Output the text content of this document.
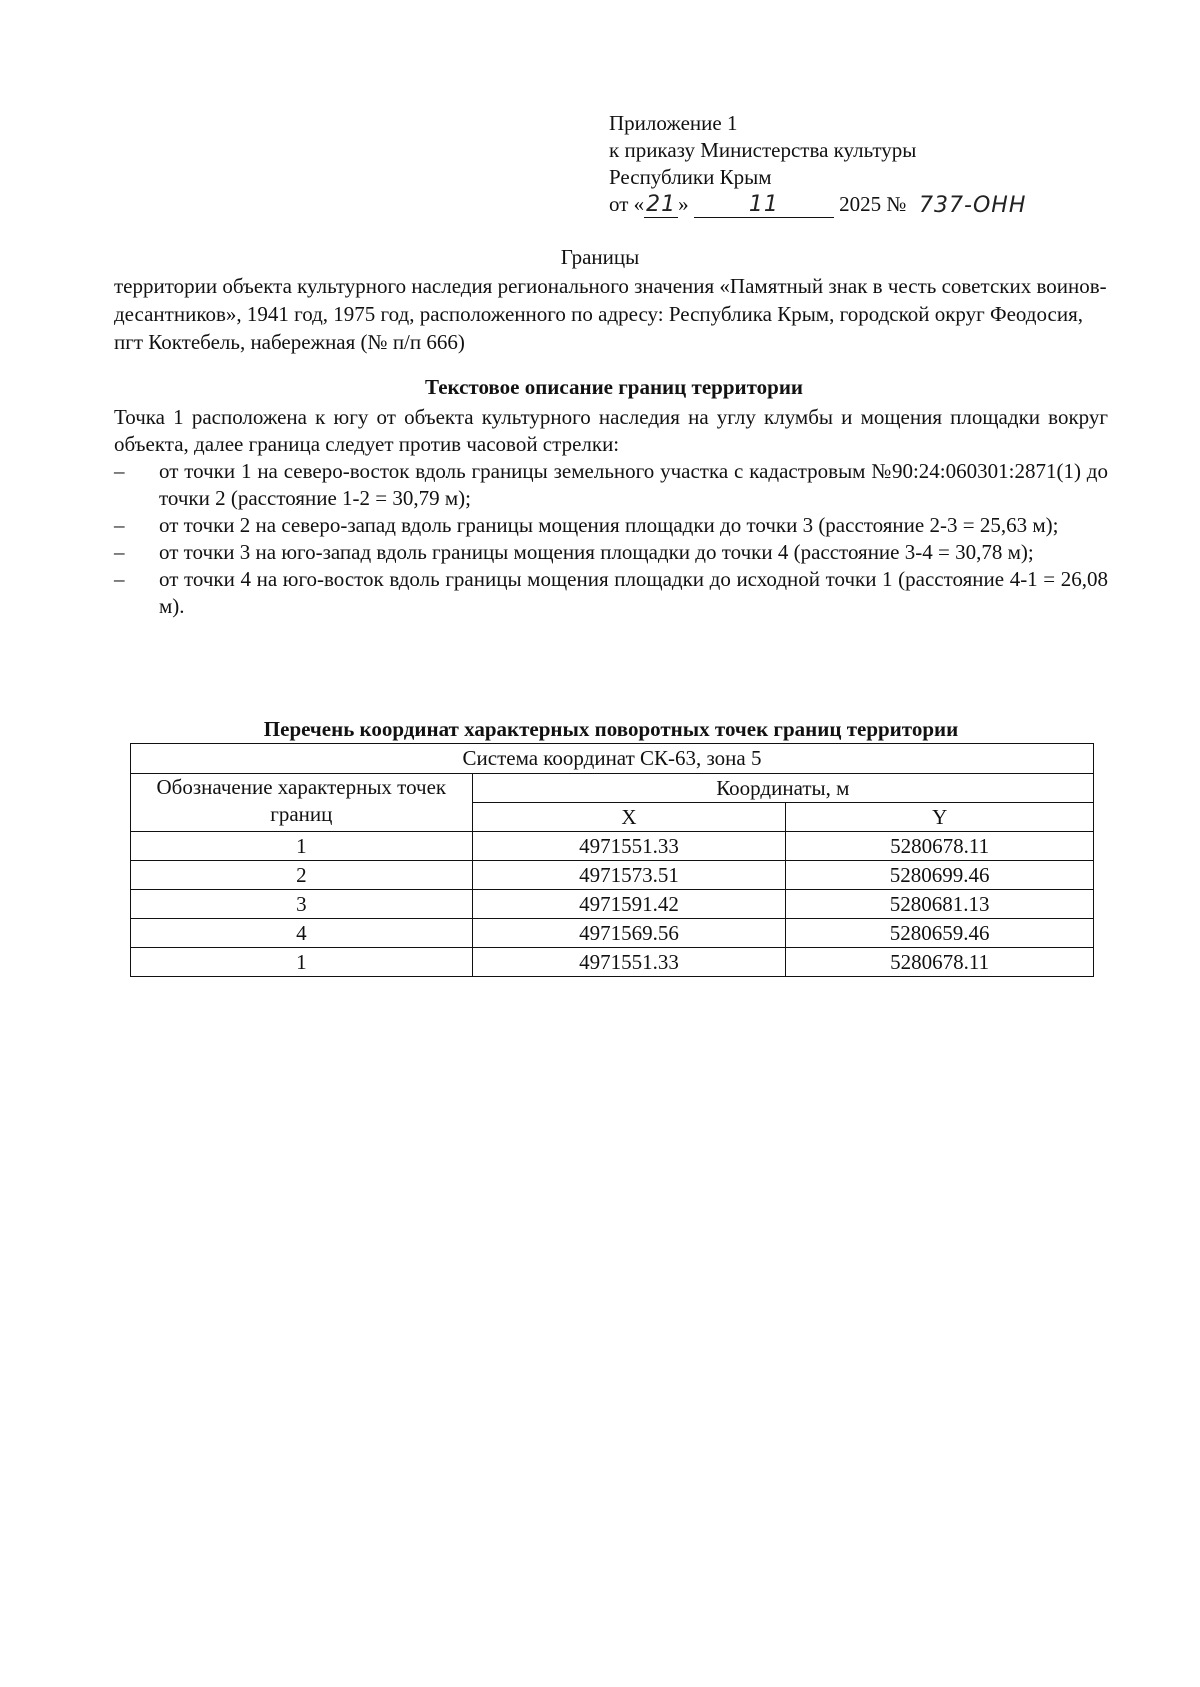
Приложение 1
к приказу Министерства культуры
Республики Крым
от «21»	11	2025 № 737-ОНН
Границы
территории объекта культурного наследия регионального значения «Памятный знак в честь советских воинов-десантников», 1941 год, 1975 год, расположенного по адресу: Республика Крым, городской округ Феодосия, пгт Коктебель, набережная (№ п/п 666)
Текстовое описание границ территории

Точка 1 расположена к югу от объекта культурного наследия на углу клумбы и мощения площадки вокруг объекта, далее граница следует против часовой стрелки:

– от точки 1 на северо-восток вдоль границы земельного участка с кадастровым №90:24:060301:2871(1) до точки 2 (расстояние 1-2 = 30,79 м);
– от точки 2 на северо-запад вдоль границы мощения площадки до точки 3 (расстояние 2-3 = 25,63 м);
– от точки 3 на юго-запад вдоль границы мощения площадки до точки 4 (расстояние 3-4 = 30,78 м);
– от точки 4 на юго-восток вдоль границы мощения площадки до исходной точки 1 (расстояние 4-1 = 26,08 м).
Перечень координат характерных поворотных точек границ территории
Система координат СК-63, зона 5		
Обозначение характерных точек границ	Координаты, м	
	X	Y
1	4971551.33	5280678.11
2	4971573.51	5280699.46
3	4971591.42	5280681.13
4	4971569.56	5280659.46
1	4971551.33	5280678.11
